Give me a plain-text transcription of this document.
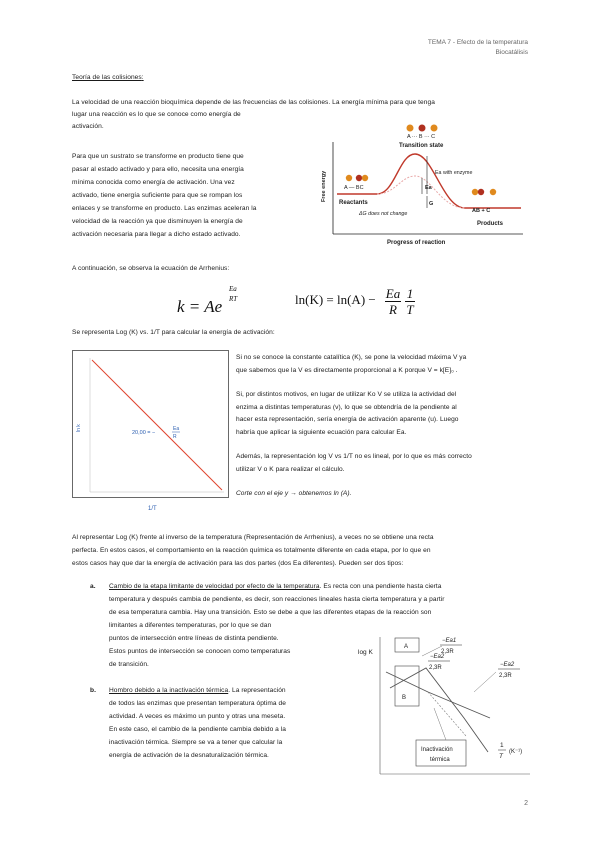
TEMA 7 - Efecto de la temperatura
Biocatálisis
Teoría de las colisiones:
La velocidad de una reacción bioquímica depende de las frecuencias de las colisiones. La energía mínima para que tenga
lugar una reacción es lo que se conoce como energía de
activación.
Para que un sustrato se transforme en producto tiene que
pasar al estado activado y para ello, necesita una energía
mínima conocida como energía de activación. Una vez
activado, tiene energía suficiente para que se rompan los
enlaces y se transforme en producto. Las enzimas aceleran la
velocidad de la reacción ya que disminuyen la energía de
activación necesaria para llegar a dicho estado activado.
A ··· B ··· C
Transition state
Free energy
Progress of reaction
A — BC
Reactants
Ea
G
Ea with enzyme
ΔG does not change	AB + C
Products
A continuación, se observa la ecuación de Arrhenius:
k = Ae
Ea
RT	$\ln(K) = \ln(A) - \frac{Ea}{R} \frac{1}{T}$
Se representa Log (K) vs. 1/T para calcular la energía de activación:
ln k
20,00 = −
Ea
R
1/T
Si no se conoce la constante catalítica (K), se pone la velocidad máxima V ya
que sabemos que la V es directamente proporcional a K porque V = k[E]₀ .
Si, por distintos motivos, en lugar de utilizar Ko V se utiliza la actividad del
enzima a distintas temperaturas (v), lo que se obtendría de la pendiente al
hacer esta representación, sería energía de activación aparente (u). Luego
habría que aplicar la siguiente ecuación para calcular Ea.
Además, la representación log V vs 1/T no es lineal, por lo que es más correcto
utilizar V o K para realizar el cálculo.
Corte con el eje y → obtenemos ln (A).
Al representar Log (K) frente al inverso de la temperatura (Representación de Arrhenius), a veces no se obtiene una recta
perfecta. En estos casos, el comportamiento en la reacción química es totalmente diferente en cada etapa, por lo que en
estos casos hay que dar la energía de activación para las dos partes (dos Ea diferentes). Pueden ser dos tipos:
a. Cambio de la etapa limitante de velocidad por efecto de la temperatura. Es recta con una pendiente hasta cierta
temperatura y después cambia de pendiente, es decir, son reacciones lineales hasta cierta temperatura y a partir
de esa temperatura cambia. Hay una transición. Esto se debe a que las diferentes etapas de la reacción son
limitantes a diferentes temperaturas, por lo que se dan
puntos de intersección entre líneas de distinta pendiente.
Estos puntos de intersección se conocen como temperaturas
de transición.
b. Hombro debido a la inactivación térmica. La representación
de todos las enzimas que presentan temperatura óptima de
actividad. A veces es máximo un punto y otras una meseta.
En este caso, el cambio de la pendiente cambia debido a la
inactivación térmica. Siempre se va a tener que calcular la
energía de activación de la desnaturalización térmica.
log K
A
B
−Ea1
2,3R
−Ea2
2,3R	−Ea2
2,3R
Inactivación
térmica
1
T
(K⁻¹)
2
